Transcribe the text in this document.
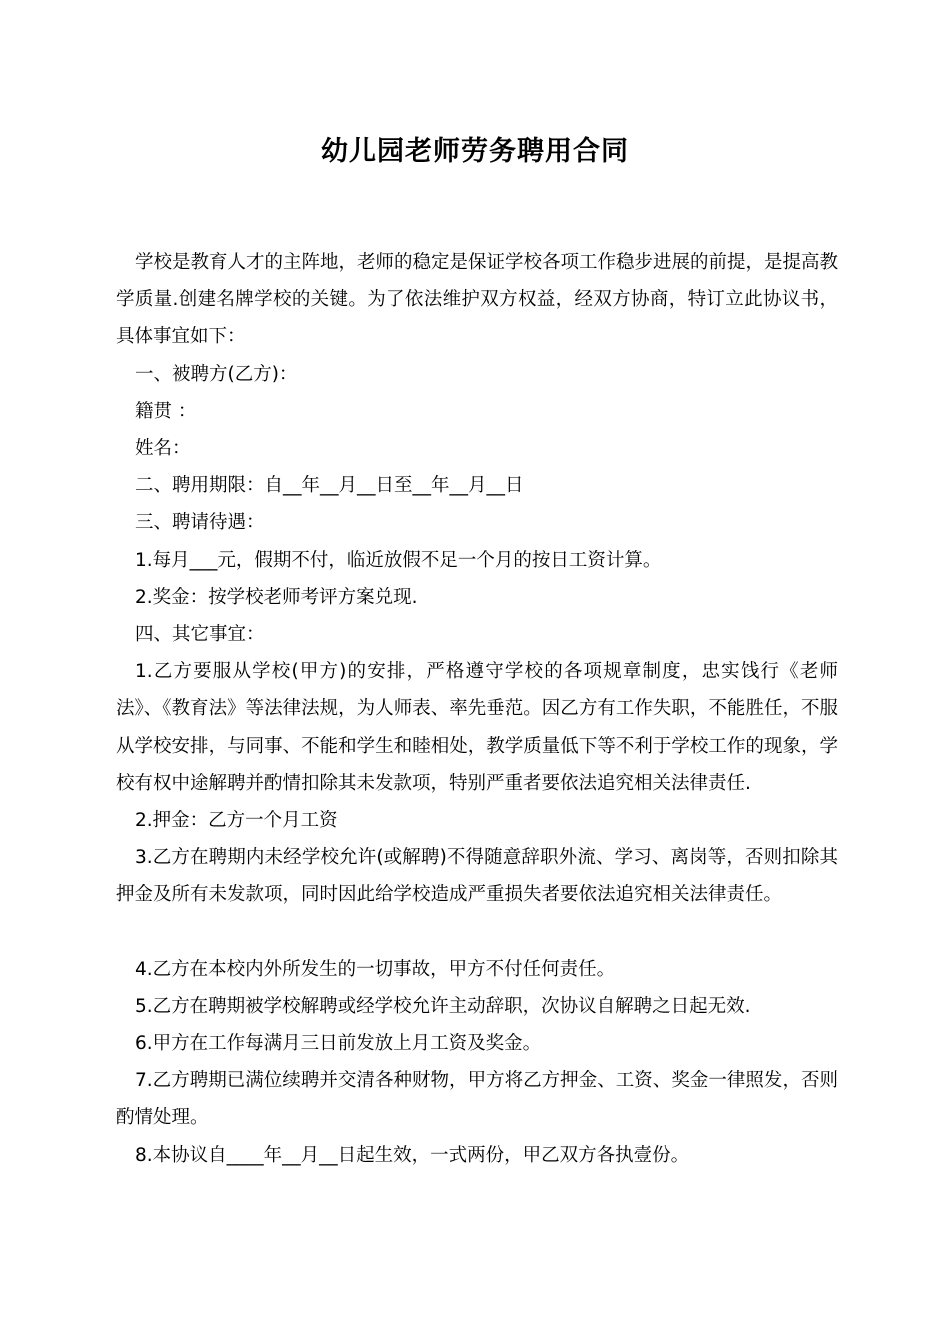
幼儿园老师劳务聘用合同

学校是教育人才的主阵地，老师的稳定是保证学校各项工作稳步进展的前提，是提高教学质量.创建名牌学校的关键。为了依法维护双方权益，经双方协商，特订立此协议书，具体事宜如下：

一、被聘方(乙方)：

籍贯 ：

姓名：

二、聘用期限：自__年__月__日至__年__月__日

三、聘请待遇：

1.每月___元，假期不付，临近放假不足一个月的按日工资计算。

2.奖金：按学校老师考评方案兑现.

四、其它事宜：

1.乙方要服从学校(甲方)的安排，严格遵守学校的各项规章制度，忠实饯行《老师法》、《教育法》等法律法规，为人师表、率先垂范。因乙方有工作失职，不能胜任，不服从学校安排，与同事、不能和学生和睦相处，教学质量低下等不利于学校工作的现象，学校有权中途解聘并酌情扣除其未发款项，特别严重者要依法追究相关法律责任.

2.押金：乙方一个月工资

3.乙方在聘期内未经学校允许(或解聘)不得随意辞职外流、学习、离岗等，否则扣除其押金及所有未发款项，同时因此给学校造成严重损失者要依法追究相关法律责任。

4.乙方在本校内外所发生的一切事故，甲方不付任何责任。

5.乙方在聘期被学校解聘或经学校允许主动辞职，次协议自解聘之日起无效.

6.甲方在工作每满月三日前发放上月工资及奖金。

7.乙方聘期已满位续聘并交清各种财物，甲方将乙方押金、工资、奖金一律照发，否则酌情处理。

8.本协议自____年__月__日起生效，一式两份，甲乙双方各执壹份。
